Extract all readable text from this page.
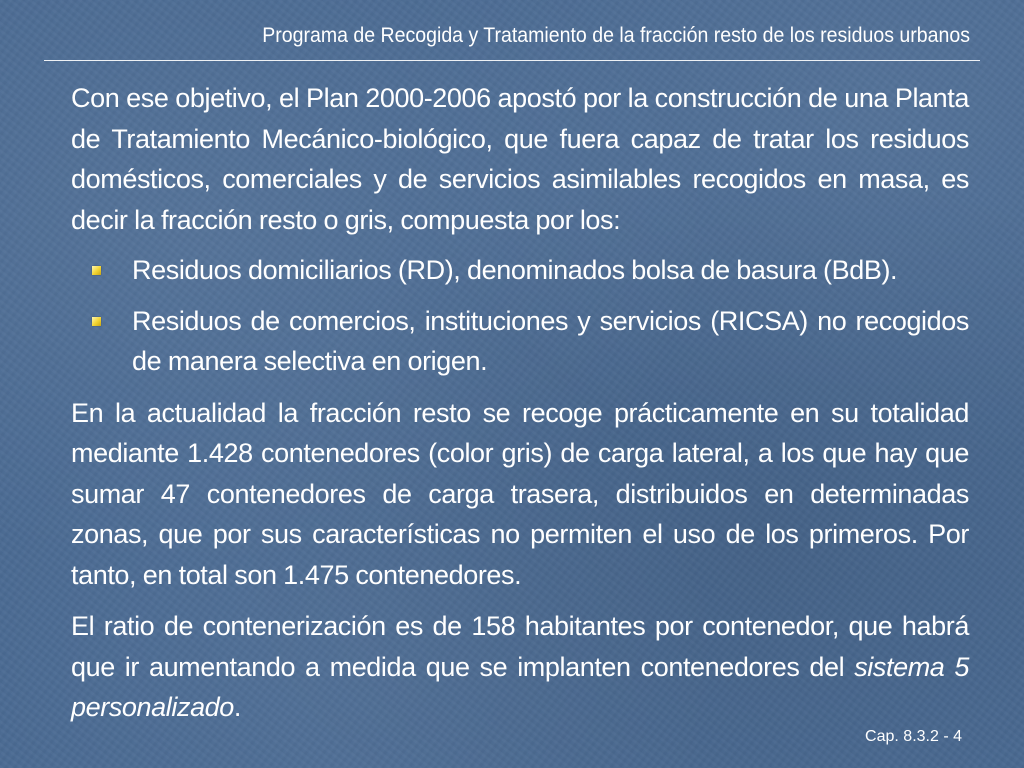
Programa de Recogida y Tratamiento de la fracción resto de los residuos urbanos

Con ese objetivo, el Plan 2000-2006 apostó por la construcción de una Planta de Tratamiento Mecánico-biológico, que fuera capaz de tratar los residuos domésticos, comerciales y de servicios asimilables recogidos en masa, es decir la fracción resto o gris, compuesta por los:

Residuos domiciliarios (RD), denominados bolsa de basura (BdB).
Residuos de comercios, instituciones y servicios (RICSA) no recogidos de manera selectiva en origen.

En la actualidad la fracción resto se recoge prácticamente en su totalidad mediante 1.428 contenedores (color gris) de carga lateral, a los que hay que sumar 47 contenedores de carga trasera, distribuidos en determinadas zonas, que por sus características no permiten el uso de los primeros. Por tanto, en total son 1.475 contenedores.

El ratio de contenerización es de 158 habitantes por contenedor, que habrá que ir aumentando a medida que se implanten contenedores del sistema 5 personalizado.

Cap. 8.3.2 - 4
